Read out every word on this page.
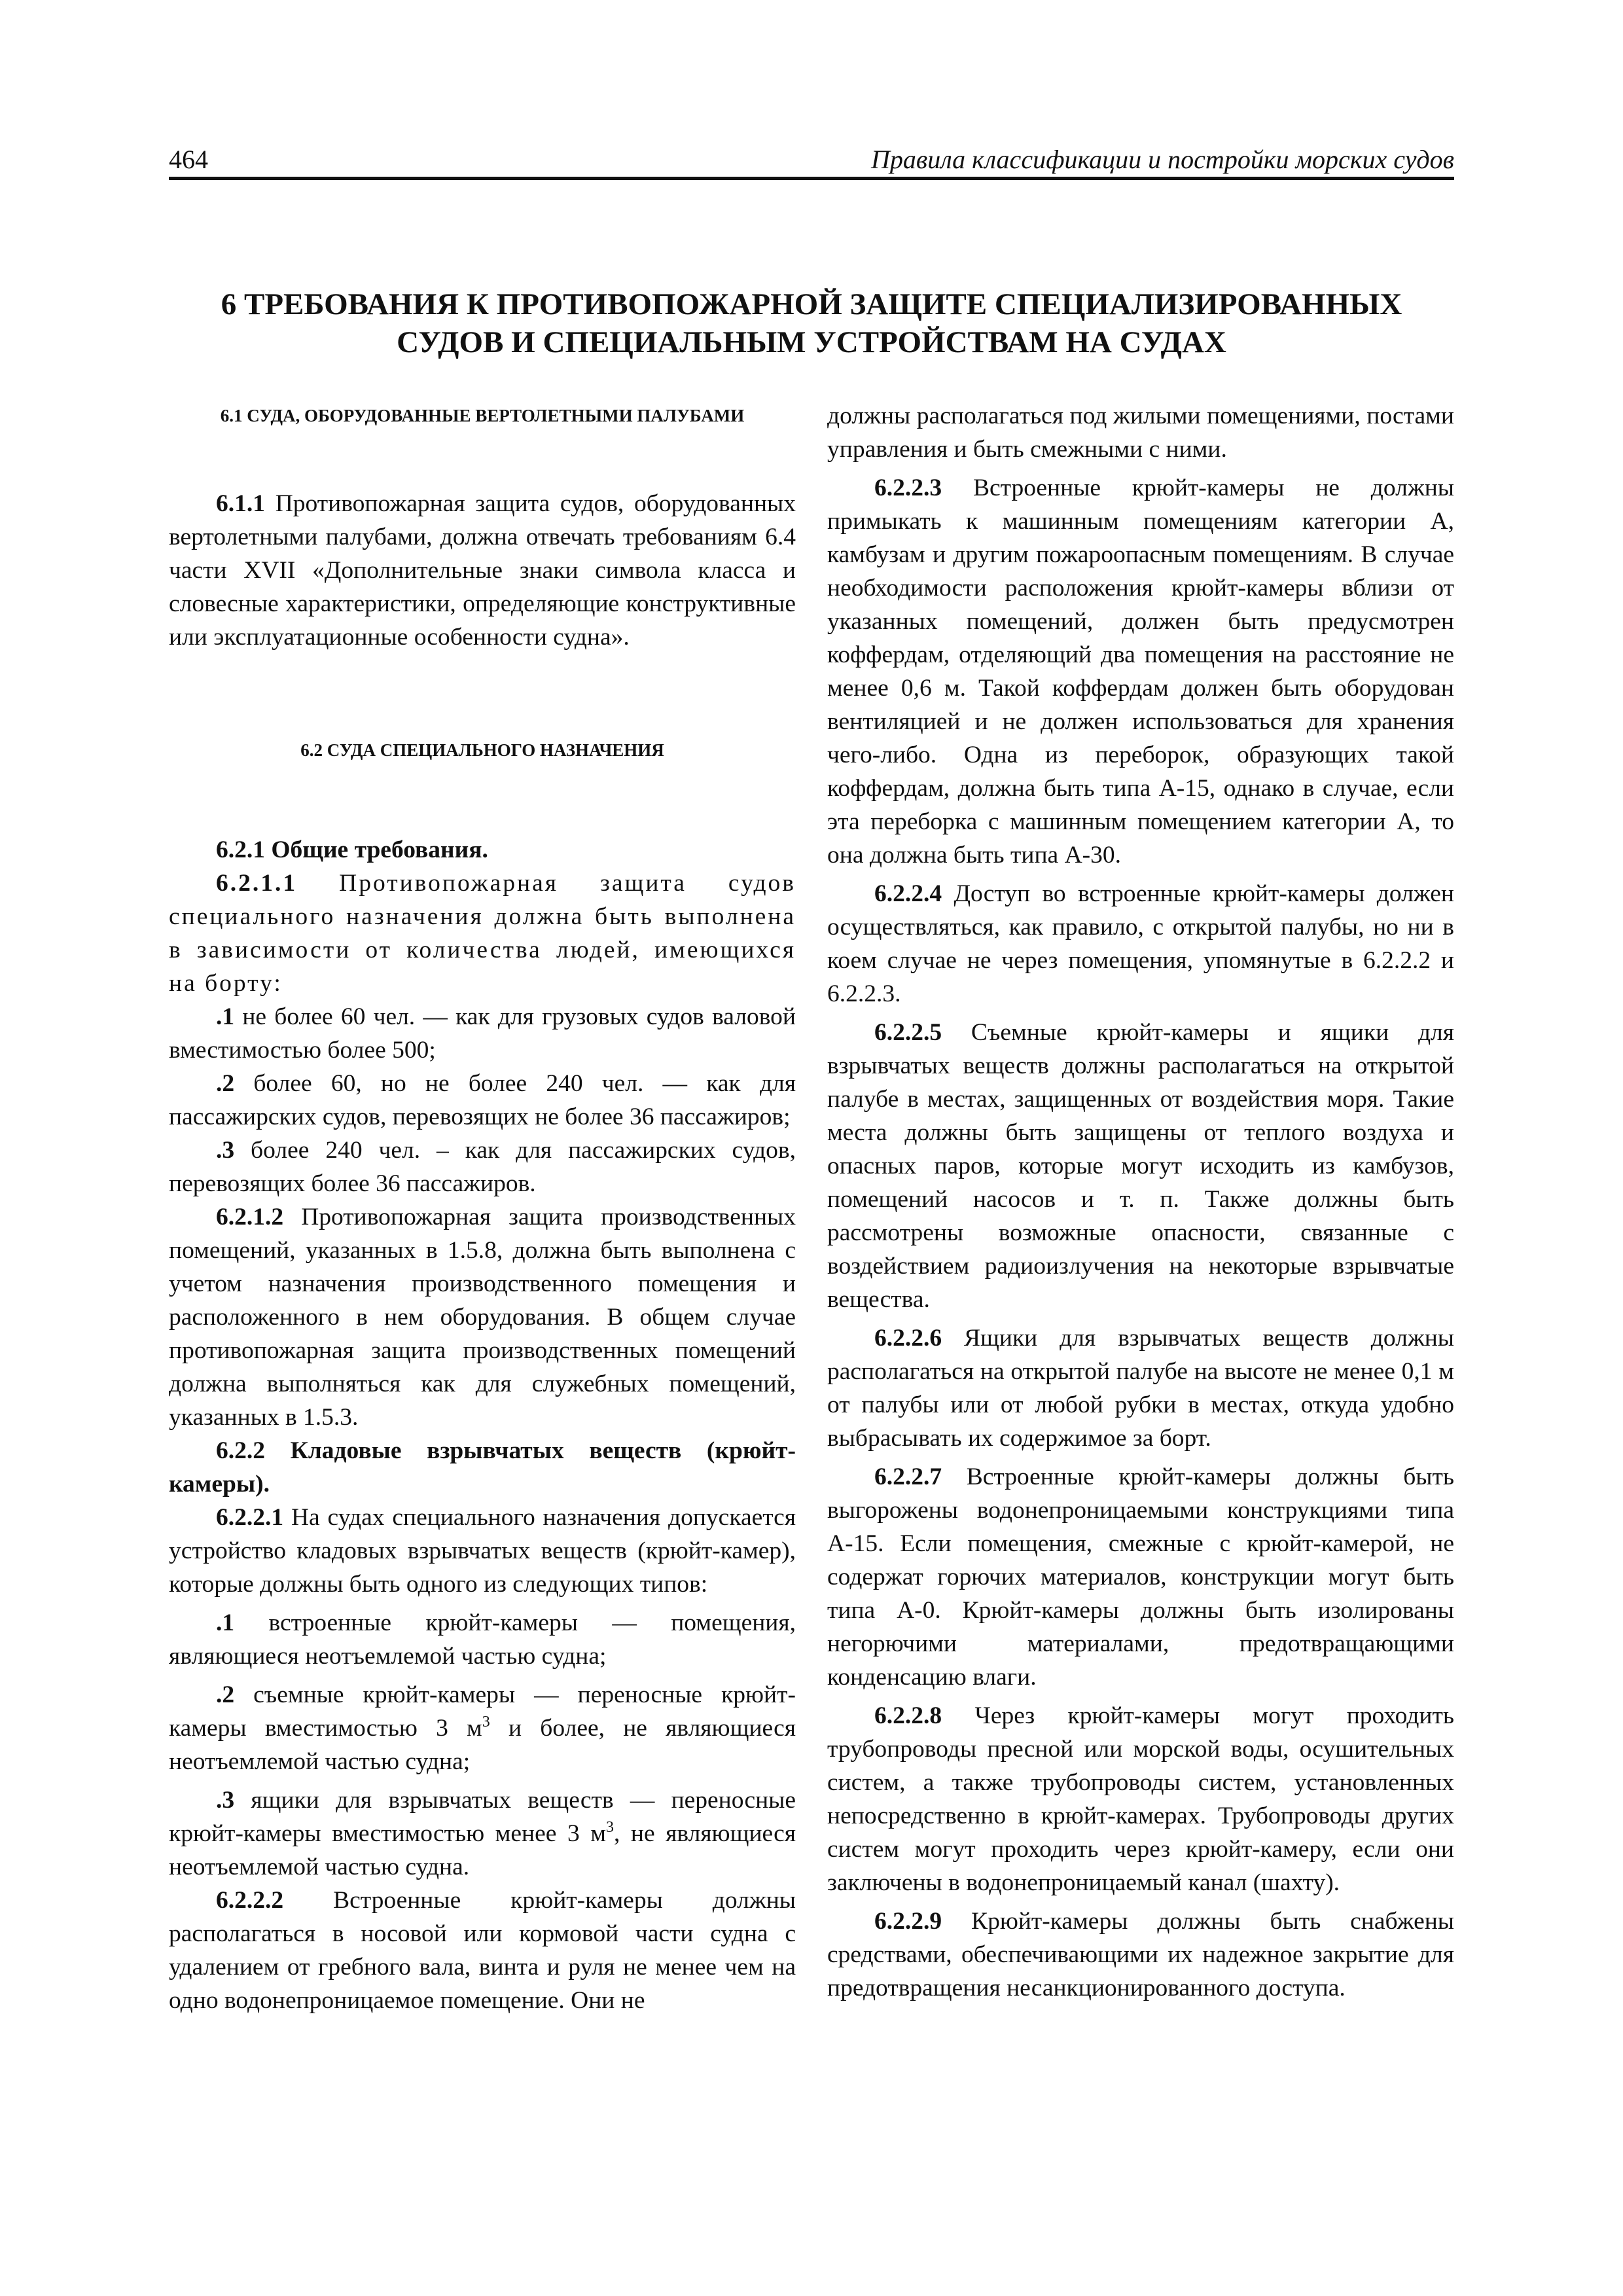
464	Правила классификации и постройки морских судов
6 ТРЕБОВАНИЯ К ПРОТИВОПОЖАРНОЙ ЗАЩИТЕ СПЕЦИАЛИЗИРОВАННЫХ СУДОВ И СПЕЦИАЛЬНЫМ УСТРОЙСТВАМ НА СУДАХ
6.1 СУДА, ОБОРУДОВАННЫЕ ВЕРТОЛЕТНЫМИ ПАЛУБАМИ

6.1.1 Противопожарная защита судов, оборудованных вертолетными палубами, должна отвечать требованиям 6.4 части XVII «Дополнительные знаки символа класса и словесные характеристики, определяющие конструктивные или эксплуатационные особенности судна».

6.2 СУДА СПЕЦИАЛЬНОГО НАЗНАЧЕНИЯ

6.2.1 Общие требования.

6.2.1.1 Противопожарная защита судов специального назначения должна быть выполнена в зависимости от количества людей, имеющихся на борту:

.1 не более 60 чел. — как для грузовых судов валовой вместимостью более 500;

.2 более 60, но не более 240 чел. — как для пассажирских судов, перевозящих не более 36 пассажиров;

.3 более 240 чел. – как для пассажирских судов, перевозящих более 36 пассажиров.

6.2.1.2 Противопожарная защита производственных помещений, указанных в 1.5.8, должна быть выполнена с учетом назначения производственного помещения и расположенного в нем оборудования. В общем случае противопожарная защита производственных помещений должна выполняться как для служебных помещений, указанных в 1.5.3.

6.2.2 Кладовые взрывчатых веществ (крюйт-камеры).

6.2.2.1 На судах специального назначения допускается устройство кладовых взрывчатых веществ (крюйт-камер), которые должны быть одного из следующих типов:

.1 встроенные крюйт-камеры — помещения, являющиеся неотъемлемой частью судна;

.2 съемные крюйт-камеры — переносные крюйт-камеры вместимостью 3 $м^3$ и более, не являющиеся неотъемлемой частью судна;

.3 ящики для взрывчатых веществ — переносные крюйт-камеры вместимостью менее 3 $м^3$, не являющиеся неотъемлемой частью судна.

6.2.2.2 Встроенные крюйт-камеры должны располагаться в носовой или кормовой части судна с удалением от гребного вала, винта и руля не менее чем на одно водонепроницаемое помещение. Они не

должны располагаться под жилыми помещениями, постами управления и быть смежными с ними.

6.2.2.3 Встроенные крюйт-камеры не должны примыкать к машинным помещениям категории А, камбузам и другим пожароопасным помещениям. В случае необходимости расположения крюйт-камеры вблизи от указанных помещений, должен быть предусмотрен коффердам, отделяющий два помещения на расстояние не менее 0,6 м. Такой коффердам должен быть оборудован вентиляцией и не должен использоваться для хранения чего-либо. Одна из переборок, образующих такой коффердам, должна быть типа А-15, однако в случае, если эта переборка с машинным помещением категории А, то она должна быть типа А-30.

6.2.2.4 Доступ во встроенные крюйт-камеры должен осуществляться, как правило, с открытой палубы, но ни в коем случае не через помещения, упомянутые в 6.2.2.2 и 6.2.2.3.

6.2.2.5 Съемные крюйт-камеры и ящики для взрывчатых веществ должны располагаться на открытой палубе в местах, защищенных от воздействия моря. Такие места должны быть защищены от теплого воздуха и опасных паров, которые могут исходить из камбузов, помещений насосов и т. п. Также должны быть рассмотрены возможные опасности, связанные с воздействием радиоизлучения на некоторые взрывчатые вещества.

6.2.2.6 Ящики для взрывчатых веществ должны располагаться на открытой палубе на высоте не менее 0,1 м от палубы или от любой рубки в местах, откуда удобно выбрасывать их содержимое за борт.

6.2.2.7 Встроенные крюйт-камеры должны быть выгорожены водонепроницаемыми конструкциями типа А-15. Если помещения, смежные с крюйт-камерой, не содержат горючих материалов, конструкции могут быть типа А-0. Крюйт-камеры должны быть изолированы негорючими материалами, предотвращающими конденсацию влаги.

6.2.2.8 Через крюйт-камеры могут проходить трубопроводы пресной или морской воды, осушительных систем, а также трубопроводы систем, установленных непосредственно в крюйт-камерах. Трубопроводы других систем могут проходить через крюйт-камеру, если они заключены в водонепроницаемый канал (шахту).

6.2.2.9 Крюйт-камеры должны быть снабжены средствами, обеспечивающими их надежное закрытие для предотвращения несанкционированного доступа.
